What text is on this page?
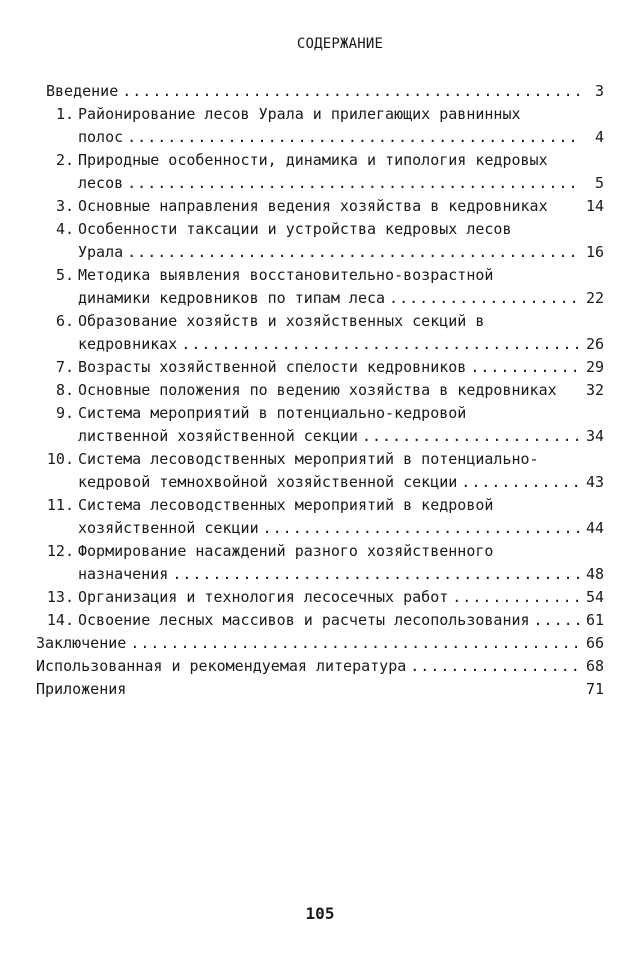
СОДЕРЖАНИЕ
Введение .....	3
1. Районирование лесов Урала и прилегающих равнинных
полос .....	4
2. Природные особенности, динамика и типология кедровых
лесов .....	5
3. Основные направления ведения хозяйства в кедровниках	14
4. Особенности таксации и устройства кедровых лесов
Урала .....	16
5. Методика выявления восстановительно-возрастной
динамики кедровников по типам леса .....	22
6. Образование хозяйств и хозяйственных секций в
кедровниках .....	26
7. Возрасты хозяйственной спелости кедровников .....	29
8. Основные положения по ведению хозяйства в кедровниках 32
9. Система мероприятий в потенциально-кедровой
лиственной хозяйственной секции .....	34
10. Система лесоводственных мероприятий в потенциально-
кедровой темнохвойной хозяйственной секции .....	43
11. Система лесоводственных мероприятий в кедровой
хозяйственной секции .....	44
12. Формирование насаждений разного хозяйственного
назначения .....	48
13. Организация и технология лесосечных работ .....	54
14. Освоение лесных массивов и расчеты лесопользования .....	61
Заключение .....	66
Использованная и рекомендуемая литература .....	68
Приложения	71
105
